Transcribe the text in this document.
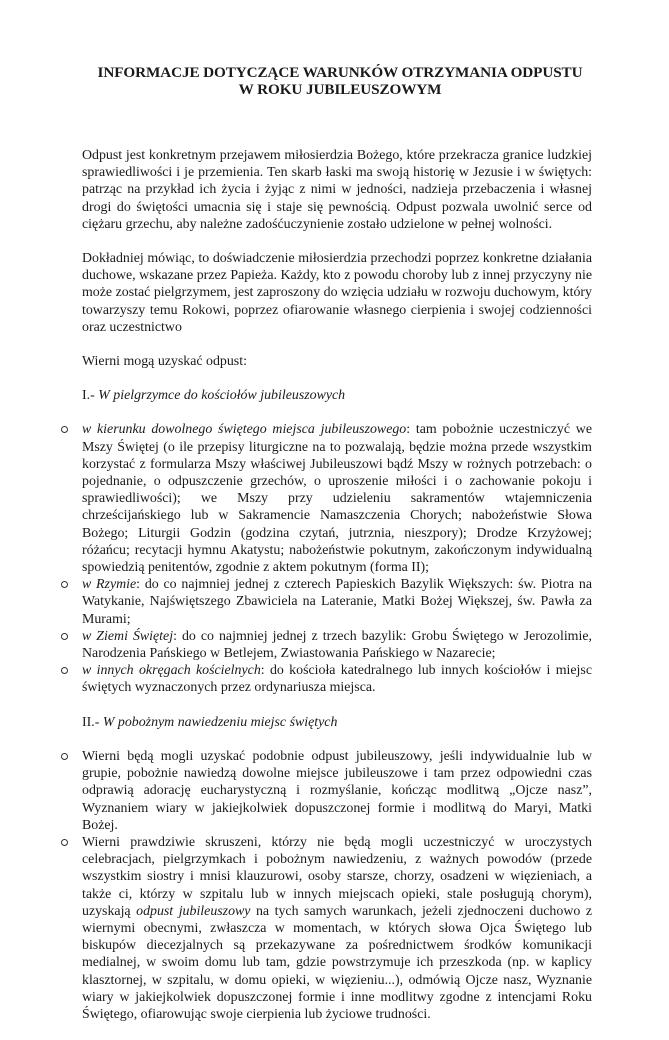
INFORMACJE DOTYCZĄCE WARUNKÓW OTRZYMANIA ODPUSTU
W ROKU JUBILEUSZOWYM

Odpust jest konkretnym przejawem miłosierdzia Bożego, które przekracza granice ludzkiej sprawiedliwości i je przemienia. Ten skarb łaski ma swoją historię w Jezusie i w świętych: patrząc na przykład ich życia i żyjąc z nimi w jedności, nadzieja przebaczenia i własnej drogi do świętości umacnia się i staje się pewnością. Odpust pozwala uwolnić serce od ciężaru grzechu, aby należne zadośćuczynienie zostało udzielone w pełnej wolności.

Dokładniej mówiąc, to doświadczenie miłosierdzia przechodzi poprzez konkretne działania duchowe, wskazane przez Papieża. Każdy, kto z powodu choroby lub z innej przyczyny nie może zostać pielgrzymem, jest zaproszony do wzięcia udziału w rozwoju duchowym, który towarzyszy temu Rokowi, poprzez ofiarowanie własnego cierpienia i swojej codzienności oraz uczestnictwo

Wierni mogą uzyskać odpust:

I.- W pielgrzymce do kościołów jubileuszowych

w kierunku dowolnego świętego miejsca jubileuszowego: tam pobożnie uczestniczyć we Mszy Świętej (o ile przepisy liturgiczne na to pozwalają, będzie można przede wszystkim korzystać z formularza Mszy właściwej Jubileuszowi bądź Mszy w rożnych potrzebach: o pojednanie, o odpuszczenie grzechów, o uproszenie miłości i o zachowanie pokoju i sprawiedliwości); we Mszy przy udzieleniu sakramentów wtajemniczenia chrześcijańskiego lub w Sakramencie Namaszczenia Chorych; nabożeństwie Słowa Bożego; Liturgii Godzin (godzina czytań, jutrznia, nieszpory); Drodze Krzyżowej; różańcu; recytacji hymnu Akatystu; nabożeństwie pokutnym, zakończonym indywidualną spowiedzią penitentów, zgodnie z aktem pokutnym (forma II);
w Rzymie: do co najmniej jednej z czterech Papieskich Bazylik Większych: św. Piotra na Watykanie, Najświętszego Zbawiciela na Lateranie, Matki Bożej Większej, św. Pawła za Murami;
w Ziemi Świętej: do co najmniej jednej z trzech bazylik: Grobu Świętego w Jerozolimie, Narodzenia Pańskiego w Betlejem, Zwiastowania Pańskiego w Nazarecie;
w innych okręgach kościelnych: do kościoła katedralnego lub innych kościołów i miejsc świętych wyznaczonych przez ordynariusza miejsca.

II.- W pobożnym nawiedzeniu miejsc świętych

Wierni będą mogli uzyskać podobnie odpust jubileuszowy, jeśli indywidualnie lub w grupie, pobożnie nawiedzą dowolne miejsce jubileuszowe i tam przez odpowiedni czas odprawią adorację eucharystyczną i rozmyślanie, kończąc modlitwą „Ojcze nasz”, Wyznaniem wiary w jakiejkolwiek dopuszczonej formie i modlitwą do Maryi, Matki Bożej.
Wierni prawdziwie skruszeni, którzy nie będą mogli uczestniczyć w uroczystych celebracjach, pielgrzymkach i pobożnym nawiedzeniu, z ważnych powodów (przede wszystkim siostry i mnisi klauzurowi, osoby starsze, chorzy, osadzeni w więzieniach, a także ci, którzy w szpitalu lub w innych miejscach opieki, stale posługują chorym), uzyskają odpust jubileuszowy na tych samych warunkach, jeżeli zjednoczeni duchowo z wiernymi obecnymi, zwłaszcza w momentach, w których słowa Ojca Świętego lub biskupów diecezjalnych są przekazywane za pośrednictwem środków komunikacji medialnej, w swoim domu lub tam, gdzie powstrzymuje ich przeszkoda (np. w kaplicy klasztornej, w szpitalu, w domu opieki, w więzieniu...), odmówią Ojcze nasz, Wyznanie wiary w jakiejkolwiek dopuszczonej formie i inne modlitwy zgodne z intencjami Roku Świętego, ofiarowując swoje cierpienia lub życiowe trudności.
